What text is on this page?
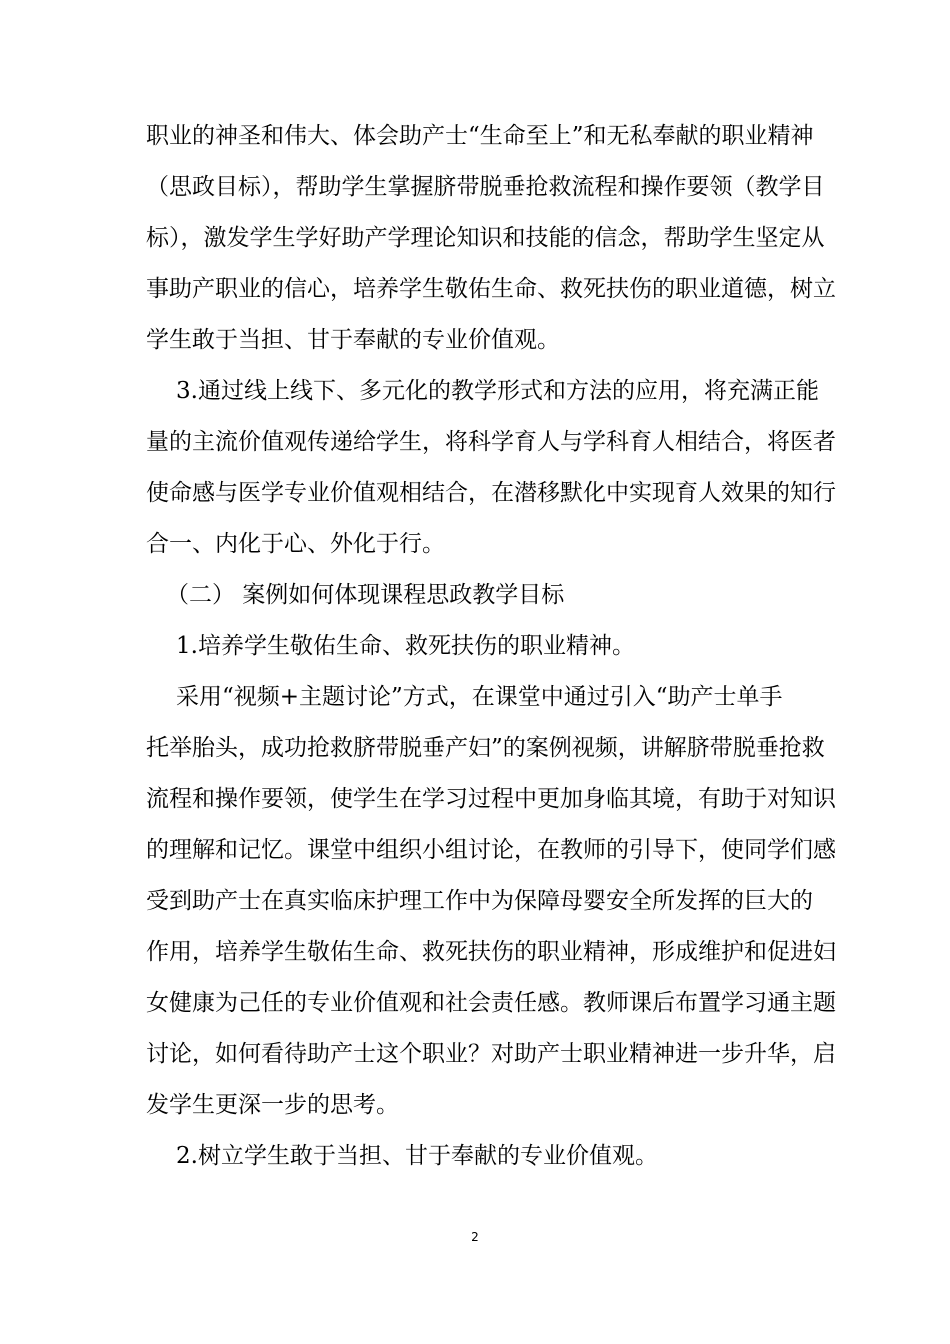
职业的神圣和伟大、体会助产士“生命至上”和无私奉献的职业精神
（思政目标），帮助学生掌握脐带脱垂抢救流程和操作要领（教学目
标），激发学生学好助产学理论知识和技能的信念，帮助学生坚定从
事助产职业的信心，培养学生敬佑生命、救死扶伤的职业道德，树立
学生敢于当担、甘于奉献的专业价值观。
3.通过线上线下、多元化的教学形式和方法的应用，将充满正能
量的主流价值观传递给学生，将科学育人与学科育人相结合，将医者
使命感与医学专业价值观相结合，在潜移默化中实现育人效果的知行
合一、内化于心、外化于行。
（二） 案例如何体现课程思政教学目标
1.培养学生敬佑生命、救死扶伤的职业精神。
采用“视频+主题讨论”方式，在课堂中通过引入“助产士单手
托举胎头，成功抢救脐带脱垂产妇”的案例视频，讲解脐带脱垂抢救
流程和操作要领，使学生在学习过程中更加身临其境，有助于对知识
的理解和记忆。课堂中组织小组讨论，在教师的引导下，使同学们感
受到助产士在真实临床护理工作中为保障母婴安全所发挥的巨大的
作用，培养学生敬佑生命、救死扶伤的职业精神，形成维护和促进妇
女健康为己任的专业价值观和社会责任感。教师课后布置学习通主题
讨论，如何看待助产士这个职业？对助产士职业精神进一步升华，启
发学生更深一步的思考。
2.树立学生敢于当担、甘于奉献的专业价值观。
2
